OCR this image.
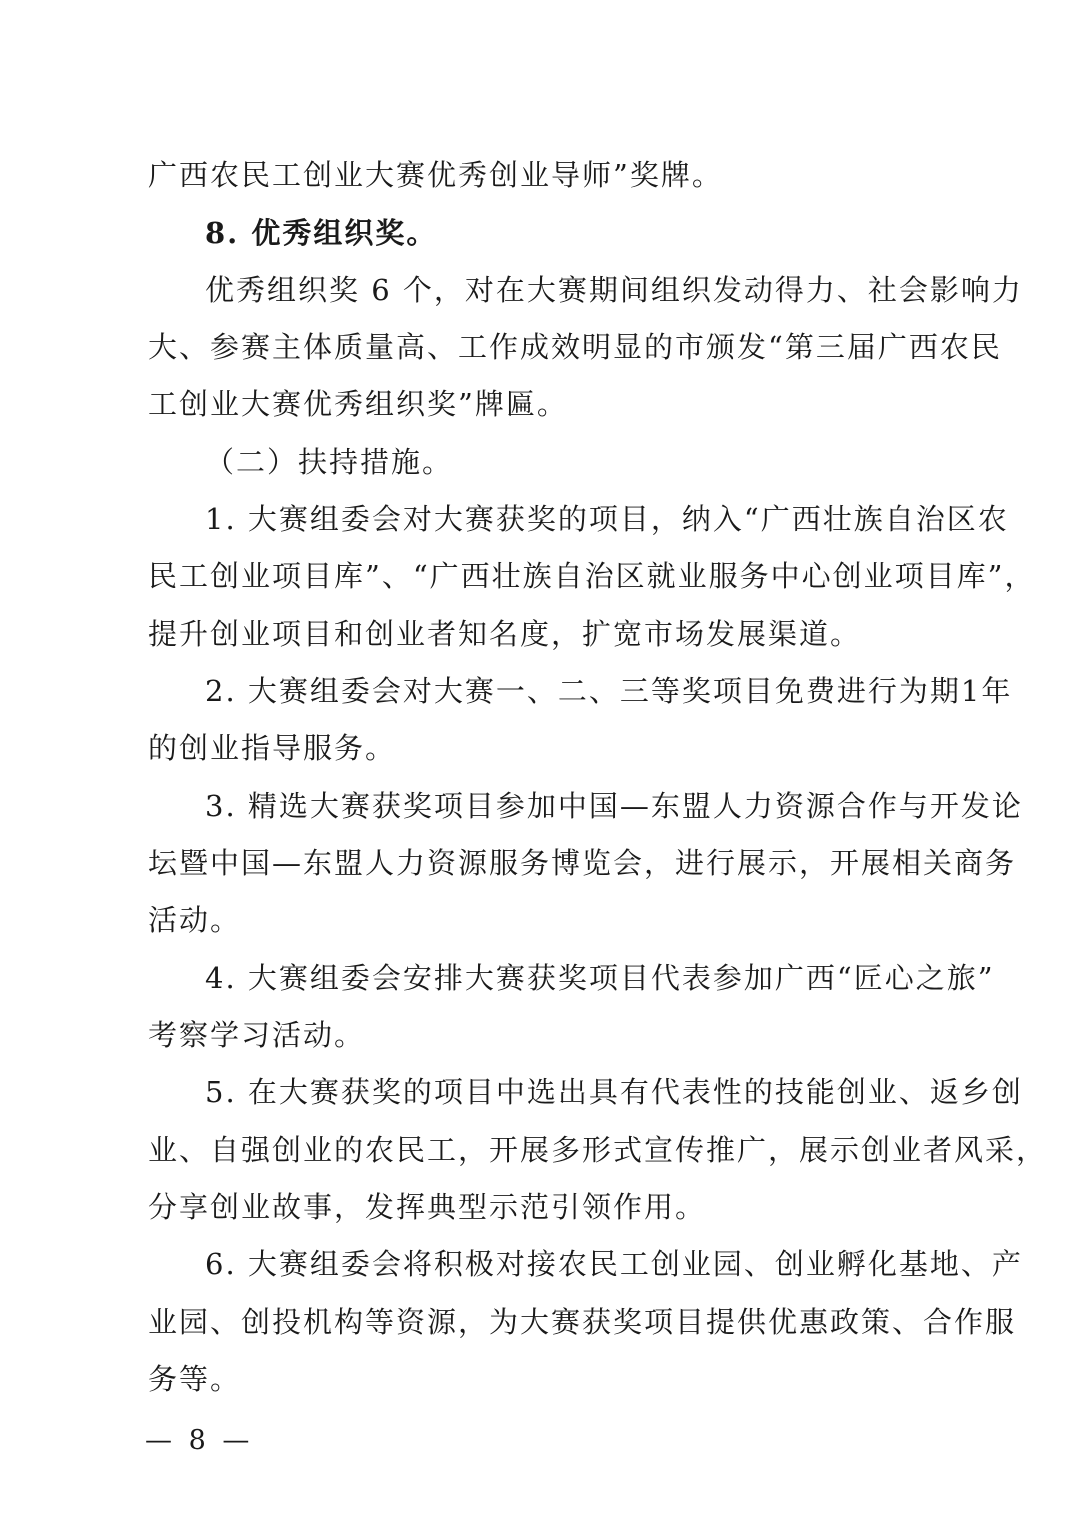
广西农民工创业大赛优秀创业导师”奖牌。
8. 优秀组织奖。
优秀组织奖 6 个，对在大赛期间组织发动得力、社会影响力
大、参赛主体质量高、工作成效明显的市颁发“第三届广西农民
工创业大赛优秀组织奖”牌匾。
（二）扶持措施。
1. 大赛组委会对大赛获奖的项目，纳入“广西壮族自治区农
民工创业项目库”、“广西壮族自治区就业服务中心创业项目库”，
提升创业项目和创业者知名度，扩宽市场发展渠道。
2. 大赛组委会对大赛一、二、三等奖项目免费进行为期1年
的创业指导服务。
3. 精选大赛获奖项目参加中国—东盟人力资源合作与开发论
坛暨中国—东盟人力资源服务博览会，进行展示，开展相关商务
活动。
4. 大赛组委会安排大赛获奖项目代表参加广西“匠心之旅”
考察学习活动。
5. 在大赛获奖的项目中选出具有代表性的技能创业、返乡创
业、自强创业的农民工，开展多形式宣传推广，展示创业者风采，
分享创业故事，发挥典型示范引领作用。
6. 大赛组委会将积极对接农民工创业园、创业孵化基地、产
业园、创投机构等资源，为大赛获奖项目提供优惠政策、合作服
务等。
— 8 —
